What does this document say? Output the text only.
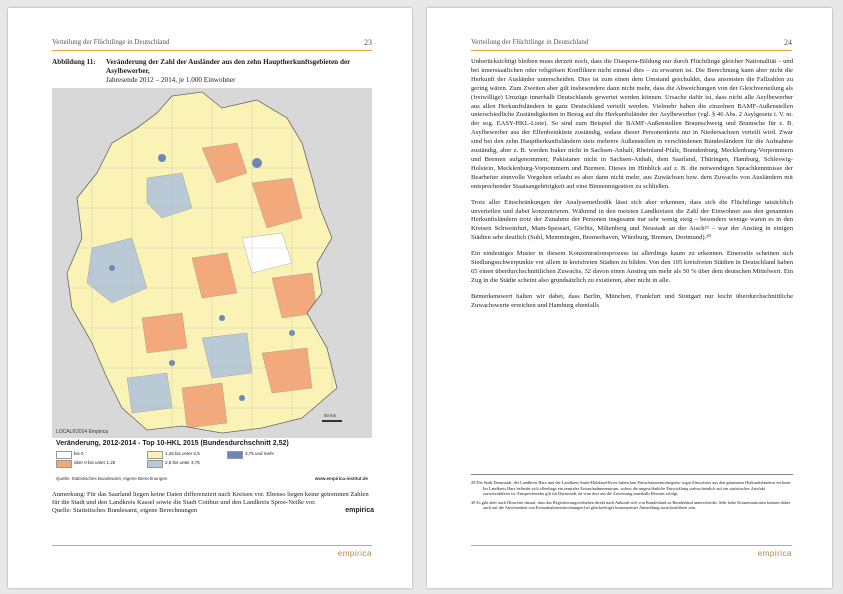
Verteilung der Flüchtlinge in Deutschland	23
Abbildung 11: Veränderung der Zahl der Ausländer aus den zehn Hauptherkunftsgebieten der Asylbewerber,
Jahresende 2012 – 2014, je 1.000 Einwohner
LOCAL®2014 Empirica
50 km
Veränderung, 2012-2014 - Top 10-HKL 2015 (Bundesdurchschnitt 2,52)
bis 0	1,25 bis unter 2,5	3,75 und mehr
über 0 bis unter 1,25	2,5 bis unter 3,75
Quelle: Statistisches Bundesamt, eigene Berechnungen	www.empirica-institut.de
Anmerkung: Für das Saarland liegen keine Daten differenziert nach Kreisen vor. Ebenso liegen keine getrennten Zahlen für die Stadt und den Landkreis Kassel sowie die Stadt Cottbus und den Landkreis Spree-Neiße vor.
Quelle: Statistisches Bundesamt, eigene Berechnungen	empirica
empirica
Verteilung der Flüchtlinge in Deutschland	24

Unberücksichtigt bleiben muss derzeit noch, dass die Diaspora-Bildung nur durch Flüchtlinge gleicher Nationalität – und bei innerstaatlichen oder religiösen Konflikten nicht einmal dies – zu erwarten ist. Die Berechnung kann aber nicht die Herkunft der Ausländer unterscheiden. Dies ist zum einen dem Umstand geschuldet, dass ansonsten die Fallzahlen zu gering wären. Zum Zweiten aber gilt insbesondere dann nicht mehr, dass die Abweichungen von der Gleichverteilung als (freiwillige) Umzüge innerhalb Deutschlands gewertet werden können. Ursache dafür ist, dass nicht alle Asylbewerber aus allen Herkunftsländern in ganz Deutschland verteilt werden. Vielmehr haben die einzelnen BAMF-Außenstellen unterschiedliche Zuständigkeiten in Bezug auf die Herkunftsländer der Asylbewerber (vgl. § 46 Abs. 2 Asylgesetz i. V. m. der sog. EASY-HKL-Liste). So sind zum Beispiel die BAMF-Außenstellen Braunschweig und Bramsche für z. B. Asylbewerber aus der Elfenbeinküste zuständig, sodass dieser Personenkreis nur in Niedersachsen verteilt wird. Zwar sind bei den zehn Hauptherkunftsländern stets mehrere Außenstellen in verschiedenen Bundesländern für die Aufnahme zuständig, aber z. B. werden Iraker nicht in Sachsen-Anhalt, Rheinland-Pfalz, Brandenburg, Mecklenburg-Vorpommern und Bremen aufgenommen; Pakistaner nicht in Sachsen-Anhalt, dem Saarland, Thüringen, Hamburg, Schleswig-Holstein, Mecklenburg-Vorpommern und Bremen. Dieses im Hinblick auf z. B. die notwendigen Sprachkenntnisse der Bearbeiter sinnvolle Vorgehen erlaubt es aber dann nicht mehr, aus Zuwächsen bzw. dem Zuwachs von Ausländern mit entsprechender Staatsangehörigkeit auf eine Binnenmigration zu schließen.

Trotz aller Einschränkungen der Analysemethodik lässt sich aber erkennen, dass sich die Flüchtlinge tatsächlich unverteilen und dabei konzentrieren. Während in den meisten Landkreisen die Zahl der Einwohner aus den genannten Herkunftsländern trotz der Zunahme der Personen insgesamt nur sehr wenig steig – besonders wenige waren es in den Kreisen Schweinfurt, Main-Spessart, Görlitz, Miltenberg und Neustadt an der Aisch²⁹ – war der Anstieg in einigen Städten sehr deutlich (Suhl, Memmingen, Bremerhaven, Würzburg, Bremen, Dortmund).³⁰

Ein eindeutiges Muster in diesem Konzentrationsprozess ist allerdings kaum zu erkennen. Einerseits scheinen sich Siedlungsschwerpunkte vor allem in kreisfreien Städten zu bilden. Von den 105 kreisfreien Städten in Deutschland haben 65 einen überdurchschnittlichen Zuwachs, 32 davon einen Anstieg um mehr als 50 % über dem deutschen Mittelwert. Ein Zug in die Städte scheint also grundsätzlich zu existieren, aber nicht in alle.

Bemerkenswert halten wir dabei, dass Berlin, München, Frankfurt und Stuttgart nur leicht überdurchschnittliche Zuwachswerte erreichen und Hamburg ebenfalls

29 Die Stadt Darmstadt, der Landkreis Harz und der Landkreis Saale-Holzland-Kreis haben laut Einwohnerzentralregister sogar Einwohner aus den genannten Herkunftsländern verloren. Im Landkreis Harz befindet sich allerdings ein zentrales Erstaufnahmezentrum, sodass die ungewöhnliche Entwicklung wahrscheinlich auf ein statistisches Artefakt zurückzuführen ist. Entsprechendes gilt für Darmstadt, da vom dort aus die Zuweisung innerhalb Hessens erfolgt.

30 Es gibt aber auch Hinweise darauf, dass das Registrierungsverhalten direkt nach Ankunft sich von Bundesland zu Bundesland unterscheidet. Sehr hohe Konzentrationen können daher auch auf die Anwesenheit von Erstaufnahmeeinrichtungen bei gleichzeitiger konsequenter Anmeldung zurückzuführen sein.

empirica
